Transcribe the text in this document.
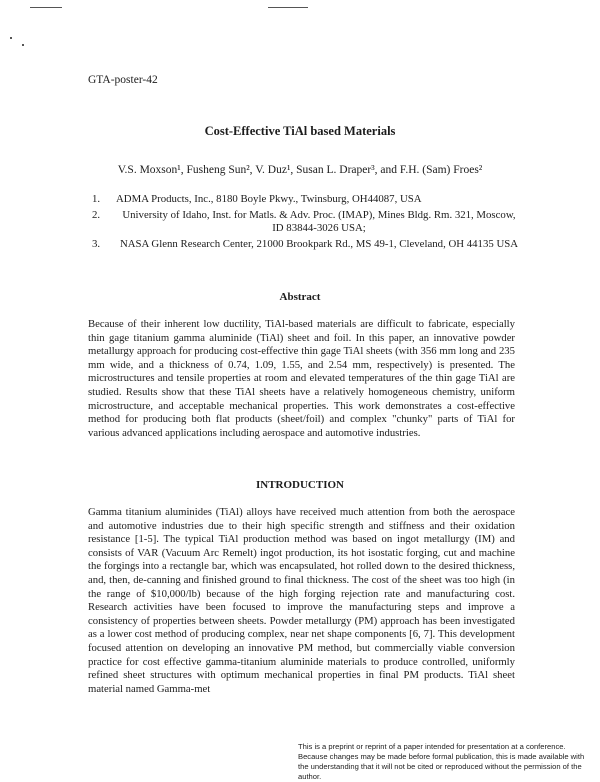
GTA-poster-42
Cost-Effective TiAl based Materials
V.S. Moxson¹, Fusheng Sun², V. Duz¹, Susan L. Draper³, and F.H. (Sam) Froes²
1.	ADMA Products, Inc., 8180 Boyle Pkwy., Twinsburg, OH44087, USA
2.	University of Idaho, Inst. for Matls. & Adv. Proc. (IMAP), Mines Bldg. Rm. 321, Moscow, ID 83844-3026 USA;
3.	NASA Glenn Research Center, 21000 Brookpark Rd., MS 49-1, Cleveland, OH 44135 USA
Abstract

Because of their inherent low ductility, TiAl-based materials are difficult to fabricate, especially thin gage titanium gamma aluminide (TiAl) sheet and foil. In this paper, an innovative powder metallurgy approach for producing cost-effective thin gage TiAl sheets (with 356 mm long and 235 mm wide, and a thickness of 0.74, 1.09, 1.55, and 2.54 mm, respectively) is presented. The microstructures and tensile properties at room and elevated temperatures of the thin gage TiAl are studied. Results show that these TiAl sheets have a relatively homogeneous chemistry, uniform microstructure, and acceptable mechanical properties. This work demonstrates a cost-effective method for producing both flat products (sheet/foil) and complex "chunky" parts of TiAl for various advanced applications including aerospace and automotive industries.

INTRODUCTION

Gamma titanium aluminides (TiAl) alloys have received much attention from both the aerospace and automotive industries due to their high specific strength and stiffness and their oxidation resistance [1-5]. The typical TiAl production method was based on ingot metallurgy (IM) and consists of VAR (Vacuum Arc Remelt) ingot production, its hot isostatic forging, cut and machine the forgings into a rectangle bar, which was encapsulated, hot rolled down to the desired thickness, and, then, de-canning and finished ground to final thickness. The cost of the sheet was too high (in the range of $10,000/lb) because of the high forging rejection rate and manufacturing cost. Research activities have been focused to improve the manufacturing steps and improve a consistency of properties between sheets. Powder metallurgy (PM) approach has been investigated as a lower cost method of producing complex, near net shape components [6, 7]. This development focused attention on developing an innovative PM method, but commercially viable conversion practice for cost effective gamma-titanium aluminide materials to produce controlled, uniformly refined sheet structures with optimum mechanical properties in final PM products. TiAl sheet material named Gamma-met

This is a preprint or reprint of a paper intended for presentation at a conference. Because changes may be made before formal publication, this is made available with the understanding that it will not be cited or reproduced without the permission of the author.
